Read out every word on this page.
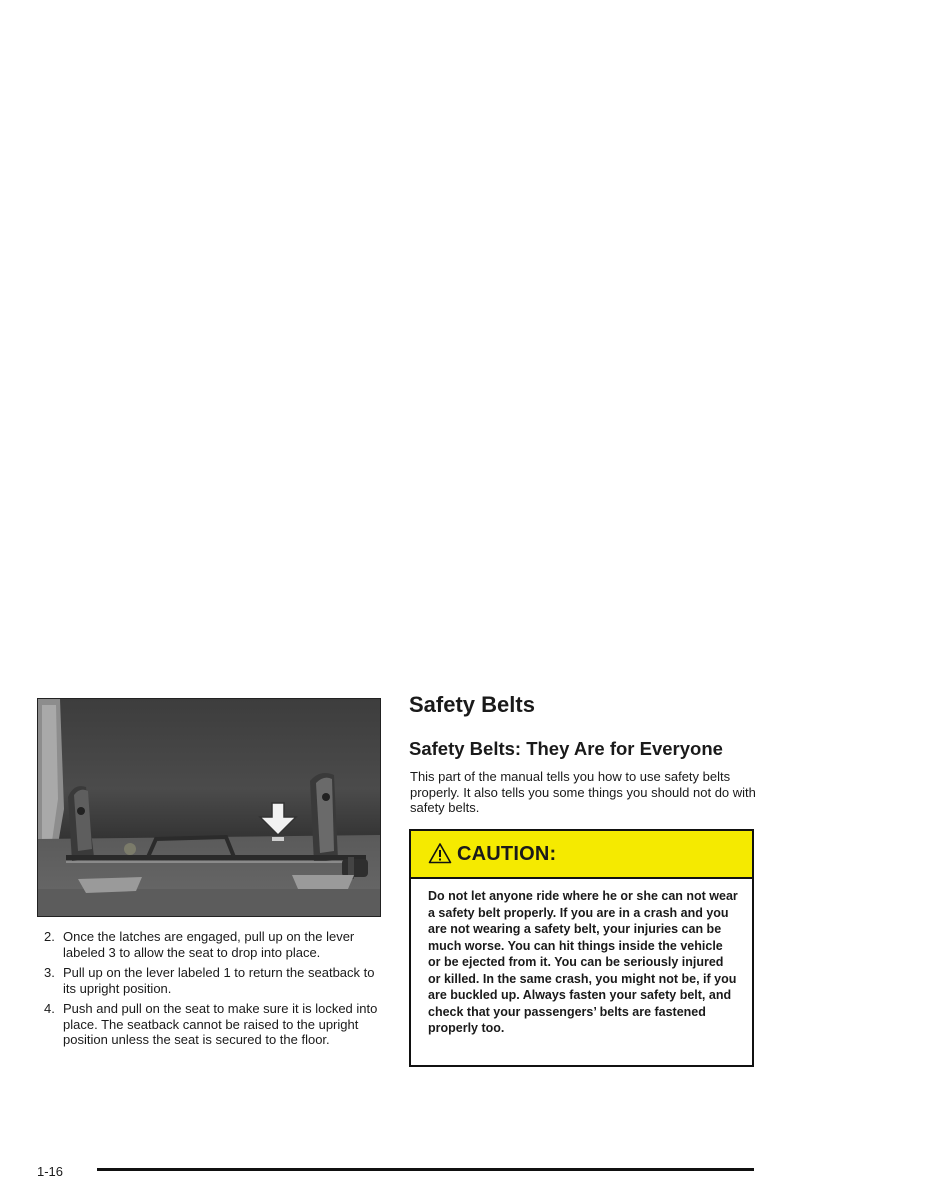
2. Once the latches are engaged, pull up on the lever labeled 3 to allow the seat to drop into place.
3. Pull up on the lever labeled 1 to return the seatback to its upright position.
4. Push and pull on the seat to make sure it is locked into place. The seatback cannot be raised to the upright position unless the seat is secured to the floor.
Safety Belts
Safety Belts: They Are for Everyone

This part of the manual tells you how to use safety belts properly. It also tells you some things you should not do with safety belts.

CAUTION:

Do not let anyone ride where he or she can not wear a safety belt properly. If you are in a crash and you are not wearing a safety belt, your injuries can be much worse. You can hit things inside the vehicle or be ejected from it. You can be seriously injured or killed. In the same crash, you might not be, if you are buckled up. Always fasten your safety belt, and check that your passengers’ belts are fastened properly too.

1-16
